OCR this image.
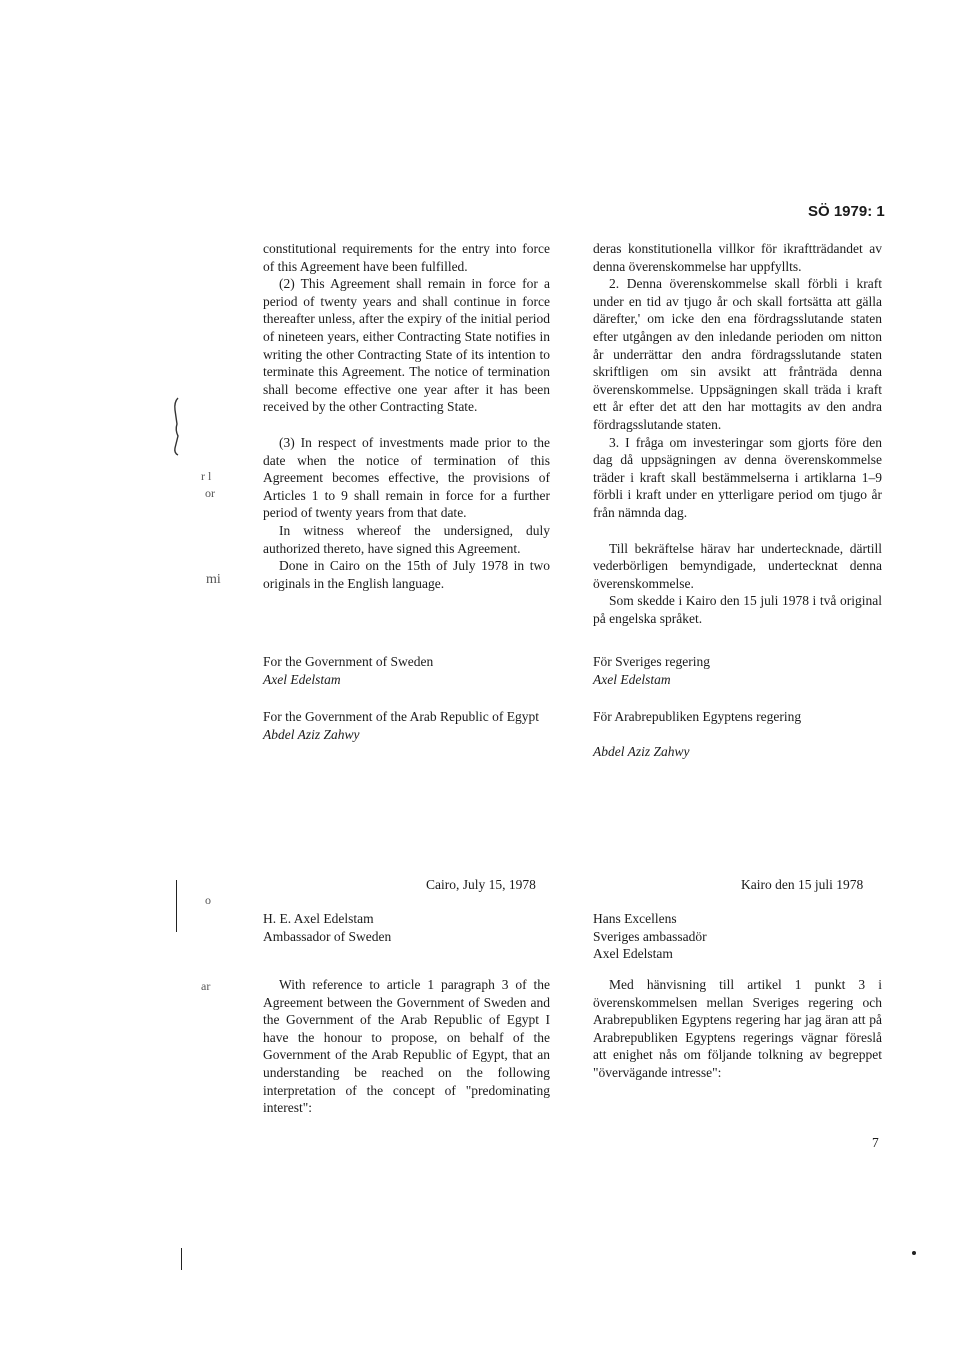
SÖ 1979: 1
r l
or
mi
o
ar

constitutional requirements for the entry into force of this Agreement have been fulfilled.

(2) This Agreement shall remain in force for a period of twenty years and shall continue in force thereafter unless, after the expiry of the initial period of nineteen years, either Contracting State notifies in writing the other Contracting State of its intention to terminate this Agreement. The notice of termination shall become effective one year after it has been received by the other Contracting State.

(3) In respect of investments made prior to the date when the notice of termination of this Agreement becomes effective, the provisions of Articles 1 to 9 shall remain in force for a further period of twenty years from that date.

In witness whereof the undersigned, duly authorized thereto, have signed this Agreement.

Done in Cairo on the 15th of July 1978 in two originals in the English language.

For the Government of Sweden
Axel Edelstam
For the Government of the Arab Republic of Egypt
Abdel Aziz Zahwy

deras konstitutionella villkor för ikraftträdandet av denna överenskommelse har uppfyllts.

2. Denna överenskommelse skall förbli i kraft under en tid av tjugo år och skall fortsätta att gälla därefter,' om icke den ena fördragsslutande staten efter utgången av den inledande perioden om nitton år underrättar den andra fördragsslutande staten skriftligen om sin avsikt att frånträda denna överenskommelse. Uppsägningen skall träda i kraft ett år efter det att den har mottagits av den andra fördragsslutande staten.

3. I fråga om investeringar som gjorts före den dag då uppsägningen av denna överenskommelse träder i kraft skall bestämmelserna i artiklarna 1–9 förbli i kraft under en ytterligare period om tjugo år från nämnda dag.

Till bekräftelse härav har undertecknade, därtill vederbörligen bemyndigade, undertecknat denna överenskommelse.

Som skedde i Kairo den 15 juli 1978 i två original på engelska språket.

För Sveriges regering
Axel Edelstam
För Arabrepubliken Egyptens regering
Abdel Aziz Zahwy
Cairo, July 15, 1978
H. E. Axel Edelstam
Ambassador of Sweden

With reference to article 1 paragraph 3 of the Agreement between the Government of Sweden and the Government of the Arab Republic of Egypt I have the honour to propose, on behalf of the Government of the Arab Republic of Egypt, that an understanding be reached on the following interpretation of the concept of "predominating interest":

Kairo den 15 juli 1978
Hans Excellens
Sveriges ambassadör
Axel Edelstam

Med hänvisning till artikel 1 punkt 3 i överenskommelsen mellan Sveriges regering och Arabrepubliken Egyptens regering har jag äran att på Arabrepubliken Egyptens regerings vägnar föreslå att enighet nås om följande tolkning av begreppet "övervägande intresse":

7
